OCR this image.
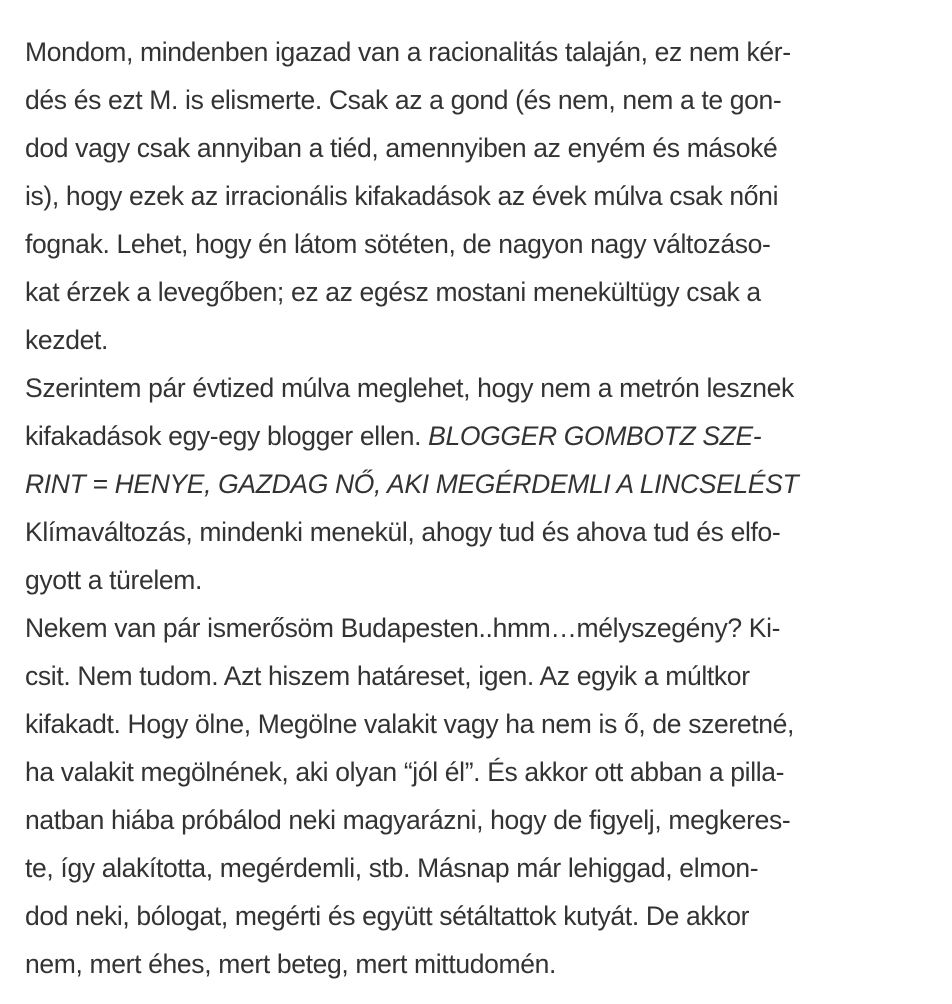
Mondom, mindenben igazad van a racionalitás talaján, ez nem kér-
dés és ezt M. is elismerte. Csak az a gond (és nem, nem a te gon-
dod vagy csak annyiban a tiéd, amennyiben az enyém és másoké
is), hogy ezek az irracionális kifakadások az évek múlva csak nőni
fognak. Lehet, hogy én látom sötéten, de nagyon nagy változáso-
kat érzek a levegőben; ez az egész mostani menekültügy csak a
kezdet.
Szerintem pár évtized múlva meglehet, hogy nem a metrón lesznek
kifakadások egy-egy blogger ellen. BLOGGER GOMBOTZ SZE-
RINT = HENYE, GAZDAG NŐ, AKI MEGÉRDEMLI A LINCSELÉST
Klímaváltozás, mindenki menekül, ahogy tud és ahova tud és elfo-
gyott a türelem.
Nekem van pár ismerősöm Budapesten..hmm…mélyszegény? Ki-
csit. Nem tudom. Azt hiszem határeset, igen. Az egyik a múltkor
kifakadt. Hogy ölne, Megölne valakit vagy ha nem is ő, de szeretné,
ha valakit megölnének, aki olyan “jól él”. És akkor ott abban a pilla-
natban hiába próbálod neki magyarázni, hogy de figyelj, megkeres-
te, így alakította, megérdemli, stb. Másnap már lehiggad, elmon-
dod neki, bólogat, megérti és együtt sétáltattok kutyát. De akkor
nem, mert éhes, mert beteg, mert mittudomén.
